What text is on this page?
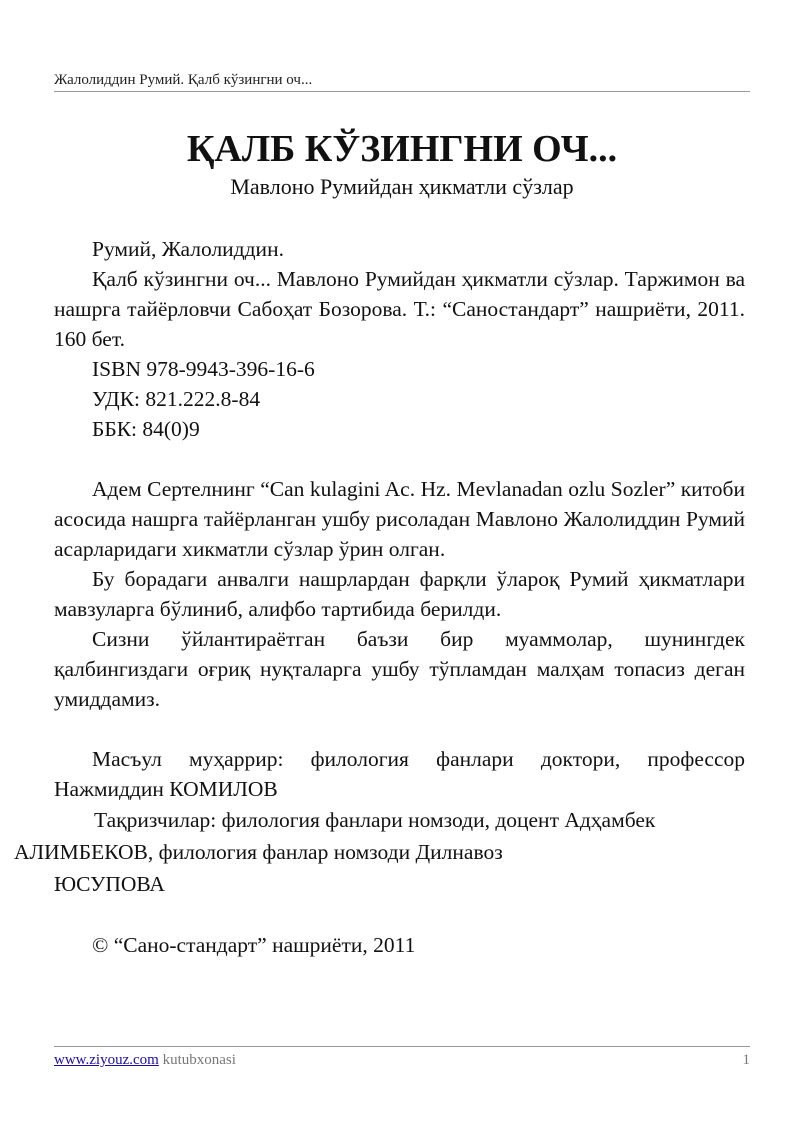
Жалолиддин Румий. Қалб кўзингни оч...
ҚАЛБ КЎЗИНГНИ ОЧ...
Мавлоно Румийдан ҳикматли сўзлар

Румий, Жалолиддин.

Қалб кўзингни оч... Мавлоно Румийдан ҳикматли сўзлар. Таржимон ва нашрга тайёрловчи Сабоҳат Бозорова. Т.: “Саностандарт” нашриёти, 2011. 160 бет.

ISBN 978-9943-396-16-6

УДК: 821.222.8-84

ББК: 84(0)9

Адем Сертелнинг “Can kulagini Ac. Hz. Mevlanadan ozlu Sozler” китоби асосида нашрга тайёрланган ушбу рисоладан Мавлоно Жалолиддин Румий асарларидаги хикматли сўзлар ўрин олган.

Бу борадаги анвалги нашрлардан фарқли ўлароқ Румий ҳикматлари мавзуларга бўлиниб, алифбо тартибида берилди.

Сизни ўйлантираётган баъзи бир муаммолар, шунингдек қалбингиздаги оғриқ нуқталарга ушбу тўпламдан малҳам топасиз деган умиддамиз.

Масъул муҳаррир: филология фанлари доктори, профессор Нажмиддин КОМИЛОВ

Тақризчилар: филология фанлари номзоди, доцент Адҳамбек
АЛИМБЕКОВ, филология фанлар номзоди Дилнавоз
ЮСУПОВА

© “Сано-стандарт” нашриёти, 2011

www.ziyouz.com kutubxonasi	1
